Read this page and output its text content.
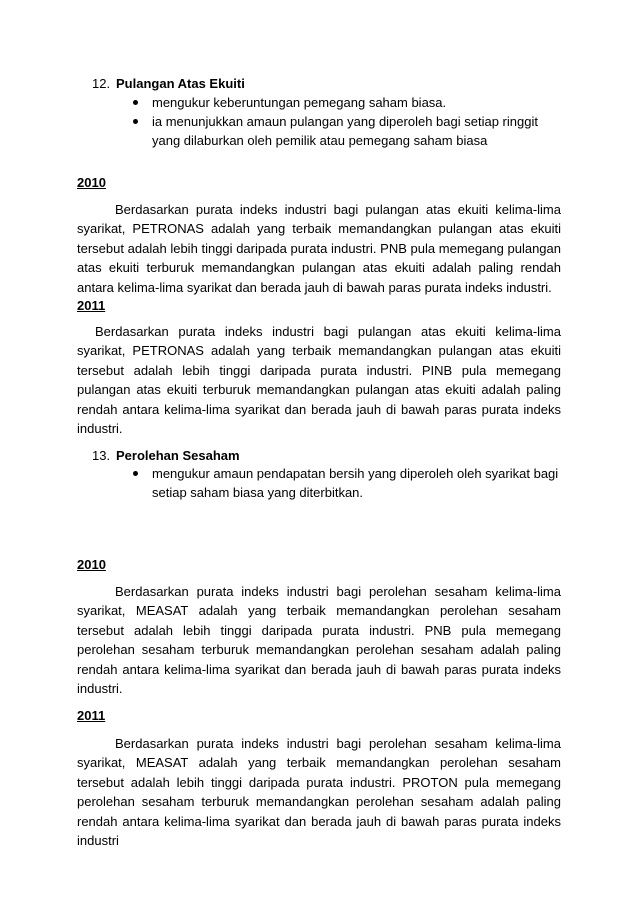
12. Pulangan Atas Ekuiti
mengukur keberuntungan pemegang saham biasa.
ia menunjukkan amaun pulangan yang diperoleh bagi setiap ringgit yang dilaburkan oleh pemilik atau pemegang saham biasa
2010

Berdasarkan purata indeks industri bagi pulangan atas ekuiti kelima-lima syarikat, PETRONAS adalah yang terbaik memandangkan pulangan atas ekuiti tersebut adalah lebih tinggi daripada purata industri. PNB pula memegang pulangan atas ekuiti terburuk memandangkan pulangan atas ekuiti adalah paling rendah antara kelima-lima syarikat dan berada jauh di bawah paras purata indeks industri.

2011

Berdasarkan purata indeks industri bagi pulangan atas ekuiti kelima-lima syarikat, PETRONAS adalah yang terbaik memandangkan pulangan atas ekuiti tersebut adalah lebih tinggi daripada purata industri. PINB pula memegang pulangan atas ekuiti terburuk memandangkan pulangan atas ekuiti adalah paling rendah antara kelima-lima syarikat dan berada jauh di bawah paras purata indeks industri.

13. Perolehan Sesaham
mengukur amaun pendapatan bersih yang diperoleh oleh syarikat bagi setiap saham biasa yang diterbitkan.
2010

Berdasarkan purata indeks industri bagi perolehan sesaham kelima-lima syarikat, MEASAT adalah yang terbaik memandangkan perolehan sesaham tersebut adalah lebih tinggi daripada purata industri. PNB pula memegang perolehan sesaham terburuk memandangkan perolehan sesaham adalah paling rendah antara kelima-lima syarikat dan berada jauh di bawah paras purata indeks industri.

2011

Berdasarkan purata indeks industri bagi perolehan sesaham kelima-lima syarikat, MEASAT adalah yang terbaik memandangkan perolehan sesaham tersebut adalah lebih tinggi daripada purata industri. PROTON pula memegang perolehan sesaham terburuk memandangkan perolehan sesaham adalah paling rendah antara kelima-lima syarikat dan berada jauh di bawah paras purata indeks industri
